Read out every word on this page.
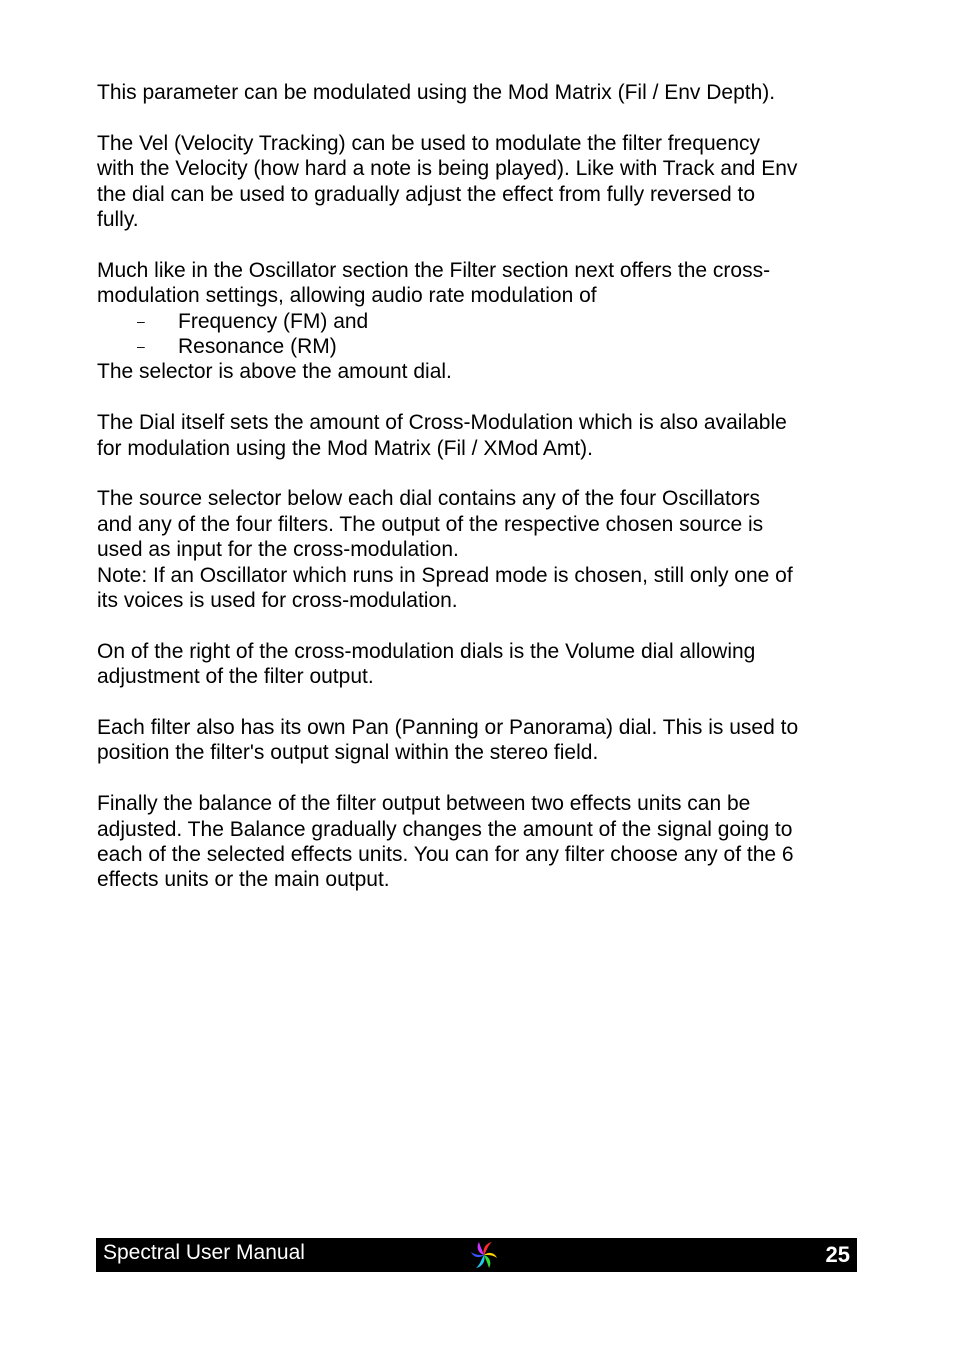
This parameter can be modulated using the Mod Matrix (Fil / Env Depth).

The Vel (Velocity Tracking) can be used to modulate the filter frequency
with the Velocity (how hard a note is being played). Like with Track and Env
the dial can be used to gradually adjust the effect from fully reversed to
fully.

Much like in the Oscillator section the Filter section next offers the cross-
modulation settings, allowing audio rate modulation of
– Frequency (FM) and
– Resonance (RM)
The selector is above the amount dial.

The Dial itself sets the amount of Cross-Modulation which is also available
for modulation using the Mod Matrix (Fil / XMod Amt).

The source selector below each dial contains any of the four Oscillators
and any of the four filters. The output of the respective chosen source is
used as input for the cross-modulation.
Note: If an Oscillator which runs in Spread mode is chosen, still only one of
its voices is used for cross-modulation.

On of the right of the cross-modulation dials is the Volume dial allowing
adjustment of the filter output.

Each filter also has its own Pan (Panning or Panorama) dial. This is used to
position the filter's output signal within the stereo field.

Finally the balance of the filter output between two effects units can be
adjusted. The Balance gradually changes the amount of the signal going to
each of the selected effects units. You can for any filter choose any of the 6
effects units or the main output.

Spectral User Manual	25
